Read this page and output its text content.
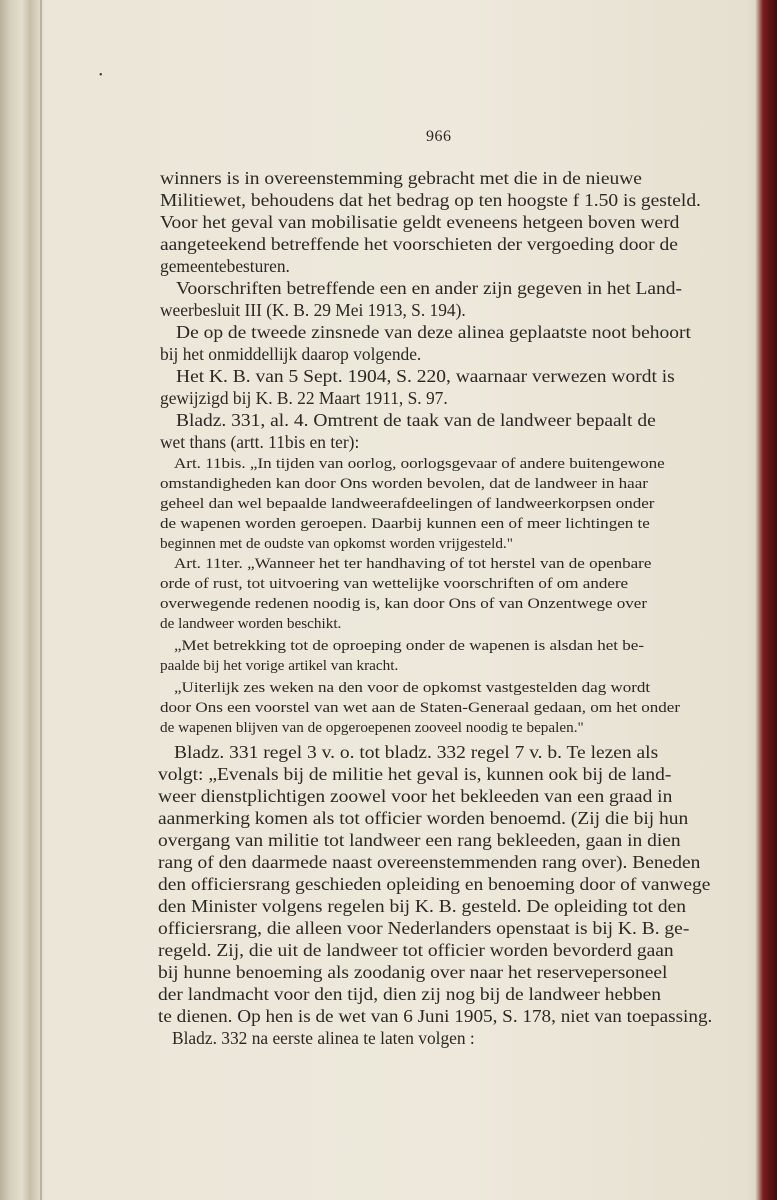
•
966
winners is in overeenstemming gebracht met die in de nieuwe
Militiewet, behoudens dat het bedrag op ten hoogste f 1.50 is gesteld.
Voor het geval van mobilisatie geldt eveneens hetgeen boven werd
aangeteekend betreffende het voorschieten der vergoeding door de
gemeentebesturen.
Voorschriften betreffende een en ander zijn gegeven in het Land-
weerbesluit III (K. B. 29 Mei 1913, S. 194).
De op de tweede zinsnede van deze alinea geplaatste noot behoort
bij het onmiddellijk daarop volgende.
Het K. B. van 5 Sept. 1904, S. 220, waarnaar verwezen wordt is
gewijzigd bij K. B. 22 Maart 1911, S. 97.
Bladz. 331, al. 4. Omtrent de taak van de landweer bepaalt de
wet thans (artt. 11bis en ter):
Art. 11bis. „In tijden van oorlog, oorlogsgevaar of andere buitengewone
omstandigheden kan door Ons worden bevolen, dat de landweer in haar
geheel dan wel bepaalde landweerafdeelingen of landweerkorpsen onder
de wapenen worden geroepen. Daarbij kunnen een of meer lichtingen te
beginnen met de oudste van opkomst worden vrijgesteld."
Art. 11ter. „Wanneer het ter handhaving of tot herstel van de openbare
orde of rust, tot uitvoering van wettelijke voorschriften of om andere
overwegende redenen noodig is, kan door Ons of van Onzentwege over
de landweer worden beschikt.
„Met betrekking tot de oproeping onder de wapenen is alsdan het be-
paalde bij het vorige artikel van kracht.
„Uiterlijk zes weken na den voor de opkomst vastgestelden dag wordt
door Ons een voorstel van wet aan de Staten-Generaal gedaan, om het onder
de wapenen blijven van de opgeroepenen zooveel noodig te bepalen."
Bladz. 331 regel 3 v. o. tot bladz. 332 regel 7 v. b. Te lezen als
volgt: „Evenals bij de militie het geval is, kunnen ook bij de land-
weer dienstplichtigen zoowel voor het bekleeden van een graad in
aanmerking komen als tot officier worden benoemd. (Zij die bij hun
overgang van militie tot landweer een rang bekleeden, gaan in dien
rang of den daarmede naast overeenstemmenden rang over). Beneden
den officiersrang geschieden opleiding en benoeming door of vanwege
den Minister volgens regelen bij K. B. gesteld. De opleiding tot den
officiersrang, die alleen voor Nederlanders openstaat is bij K. B. ge-
regeld. Zij, die uit de landweer tot officier worden bevorderd gaan
bij hunne benoeming als zoodanig over naar het reservepersoneel
der landmacht voor den tijd, dien zij nog bij de landweer hebben
te dienen. Op hen is de wet van 6 Juni 1905, S. 178, niet van toepassing.
Bladz. 332 na eerste alinea te laten volgen :
